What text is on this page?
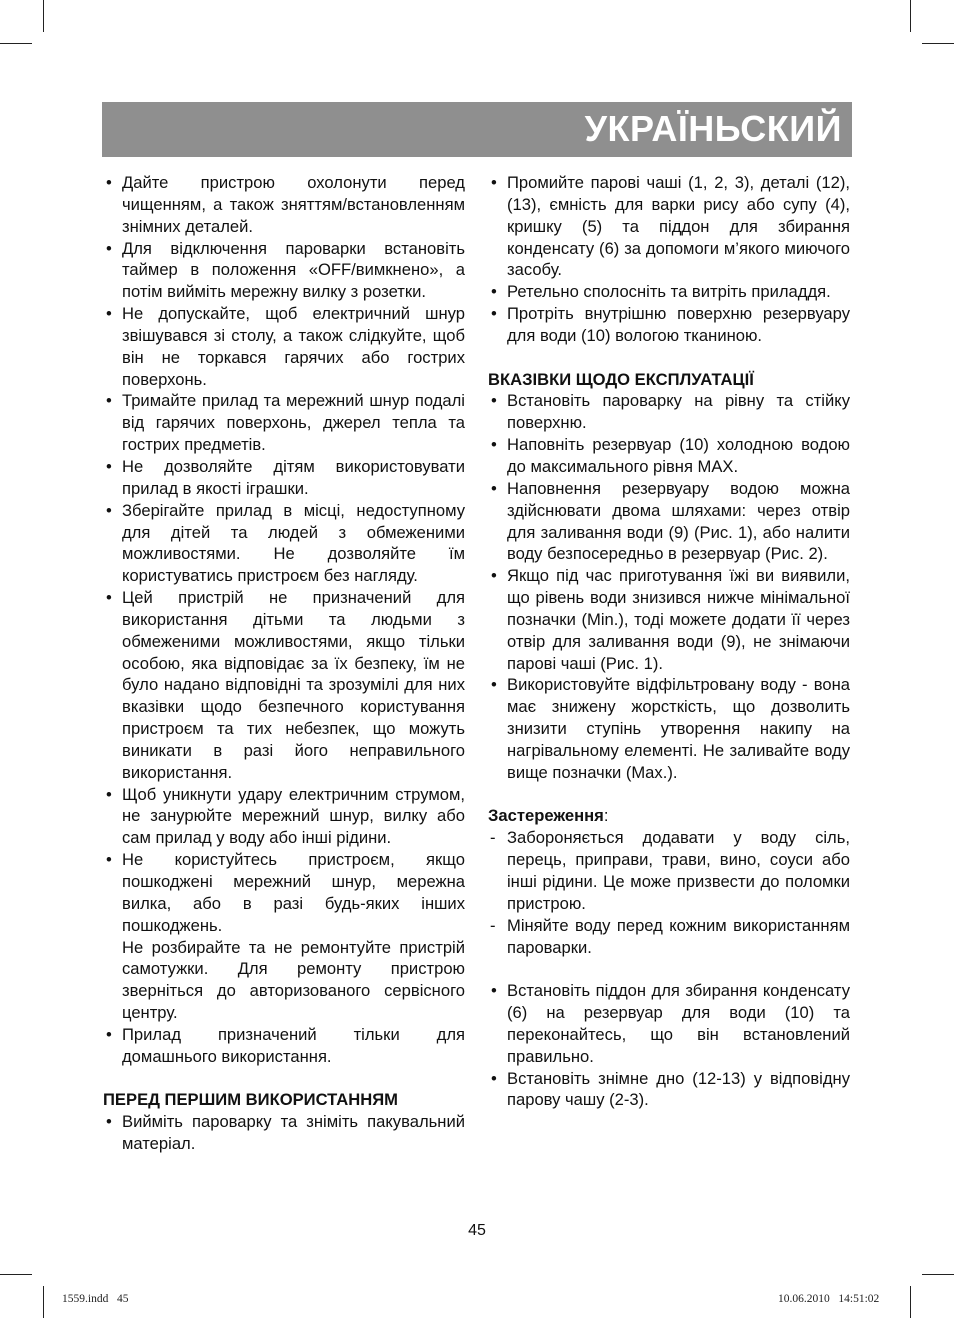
УКРАЇНЬСКИЙ
• Дайте пристрою охолонути перед чищенням, а також зняттям/встановленням знімних деталей.
• Для відключення пароварки встановіть таймер в положення «OFF/вимкнено», а потім вийміть мережну вилку з розетки.
• Не допускайте, щоб електричний шнур звішувався зі столу, а також слідкуйте, щоб він не торкався гарячих або гострих поверхонь.
• Тримайте прилад та мережний шнур подалі від гарячих поверхонь, джерел тепла та гострих предметів.
• Не дозволяйте дітям використовувати прилад в якості іграшки.
• Зберігайте прилад в місці, недоступному для дітей та людей з обмеженими можливостями. Не дозволяйте їм користуватись пристроєм без нагляду.
• Цей пристрій не призначений для використання дітьми та людьми з обмеженими можливостями, якщо тільки особою, яка відповідає за їх безпеку, їм не було надано відповідні та зрозумілі для них вказівки щодо безпечного користування пристроєм та тих небезпек, що можуть виникати в разі його неправильного використання.
• Щоб уникнути удару електричним струмом, не занурюйте мережний шнур, вилку або сам прилад у воду або інші рідини.
• Не користуйтесь пристроєм, якщо пошкоджені мережний шнур, мережна вилка, або в разі будь-яких інших пошкоджень.
Не розбирайте та не ремонтуйте пристрій самотужки. Для ремонту пристрою зверніться до авторизованого сервісного центру.
• Прилад призначений тільки для домашнього використання.
ПЕРЕД ПЕРШИМ ВИКОРИСТАННЯМ
• Вийміть пароварку та зніміть пакувальний матеріал.
• Промийте парові чаші (1, 2, 3), деталі (12), (13), ємність для варки рису або супу (4), кришку (5) та піддон для збирання конденсату (6) за допомоги м’якого миючого засобу.
• Ретельно сполосніть та витріть приладдя.
• Протріть внутрішню поверхню резервуару для води (10) вологою тканиною.
ВКАЗІВКИ ЩОДО ЕКСПЛУАТАЦІЇ
• Встановіть пароварку на рівну та стійку поверхню.
• Наповніть резервуар (10) холодною водою до максимального рівня MAX.
• Наповнення резервуару водою можна здійснювати двома шляхами: через отвір для заливання води (9) (Рис. 1), або налити воду безпосередньо в резервуар (Рис. 2).
• Якщо під час приготування їжі ви виявили, що рівень води знизився нижче мінімальної позначки (Min.), тоді можете додати її через отвір для заливання води (9), не знімаючи парові чаші (Рис. 1).
• Використовуйте відфільтровану воду - вона має знижену жорсткість, що дозволить знизити ступінь утворення накипу на нагрівальному елементі. Не заливайте воду вище позначки (Max.).
Застереження:
- Забороняється додавати у воду сіль, перець, приправи, трави, вино, соуси або інші рідини. Це може призвести до поломки пристрою.
- Міняйте воду перед кожним використанням пароварки.
• Встановіть піддон для збирання конденсату (6) на резервуар для води (10) та переконайтесь, що він встановлений правильно.
• Встановіть знімне дно (12-13) у відповідну парову чашу (2-3).
45
1559.indd   45	10.06.2010   14:51:02
